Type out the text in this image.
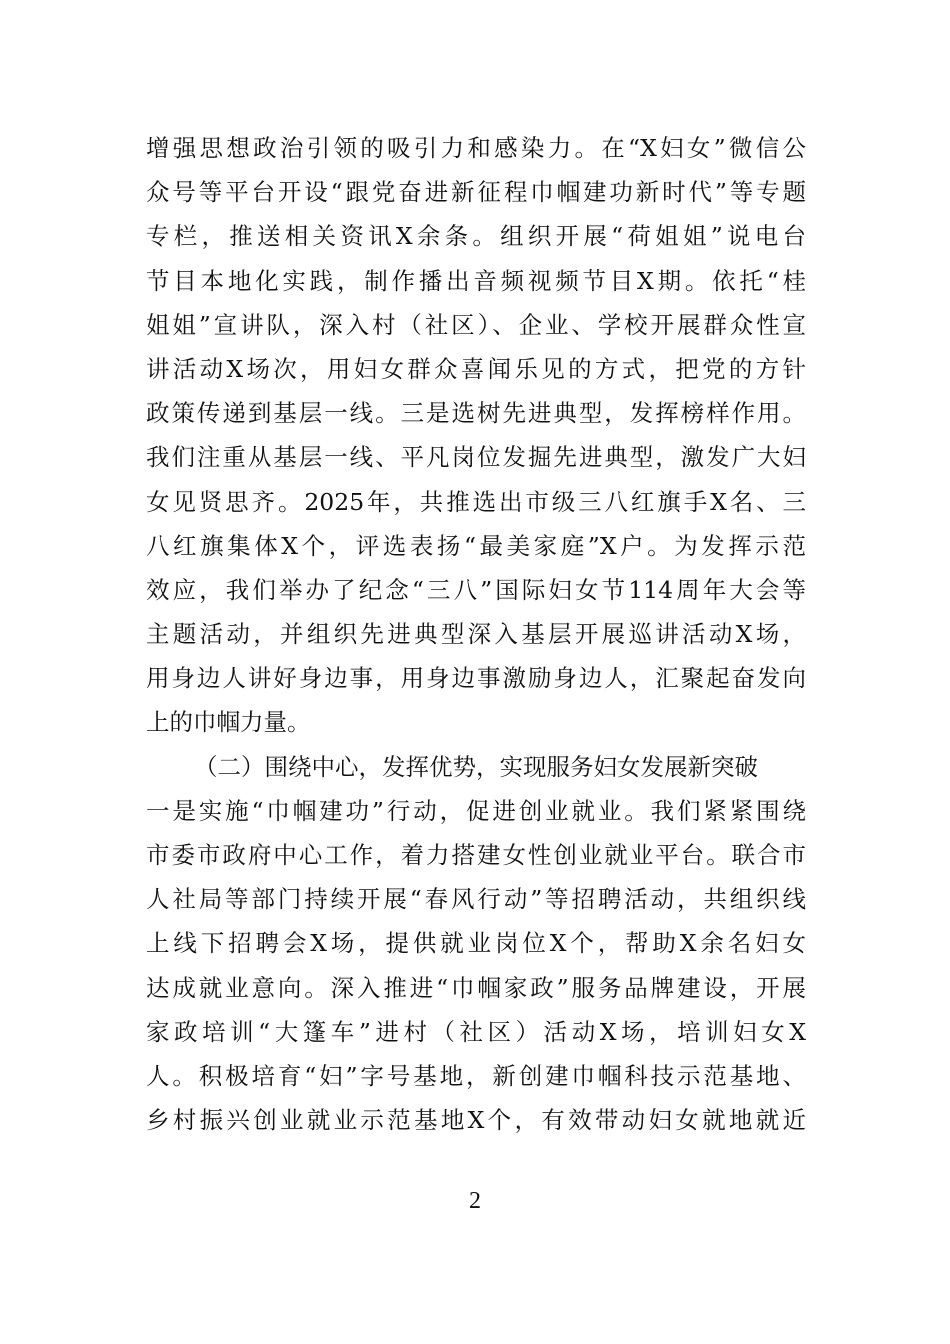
增强思想政治引领的吸引力和感染力。在“X妇女”微信公
众号等平台开设“跟党奋进新征程巾帼建功新时代”等专题
专栏，推送相关资讯X余条。组织开展“荷姐姐”说电台
节目本地化实践，制作播出音频视频节目X期。依托“桂
姐姐”宣讲队，深入村（社区）、企业、学校开展群众性宣
讲活动X场次，用妇女群众喜闻乐见的方式，把党的方针
政策传递到基层一线。三是选树先进典型，发挥榜样作用。
我们注重从基层一线、平凡岗位发掘先进典型，激发广大妇
女见贤思齐。2025年，共推选出市级三八红旗手X名、三
八红旗集体X个，评选表扬“最美家庭”X户。为发挥示范
效应，我们举办了纪念“三八”国际妇女节114周年大会等
主题活动，并组织先进典型深入基层开展巡讲活动X场，
用身边人讲好身边事，用身边事激励身边人，汇聚起奋发向
上的巾帼力量。
（二）围绕中心，发挥优势，实现服务妇女发展新突破
一是实施“巾帼建功”行动，促进创业就业。我们紧紧围绕
市委市政府中心工作，着力搭建女性创业就业平台。联合市
人社局等部门持续开展“春风行动”等招聘活动，共组织线
上线下招聘会X场，提供就业岗位X个，帮助X余名妇女
达成就业意向。深入推进“巾帼家政”服务品牌建设，开展
家政培训“大篷车”进村（社区）活动X场，培训妇女X
人。积极培育“妇”字号基地，新创建巾帼科技示范基地、
乡村振兴创业就业示范基地X个，有效带动妇女就地就近
2
